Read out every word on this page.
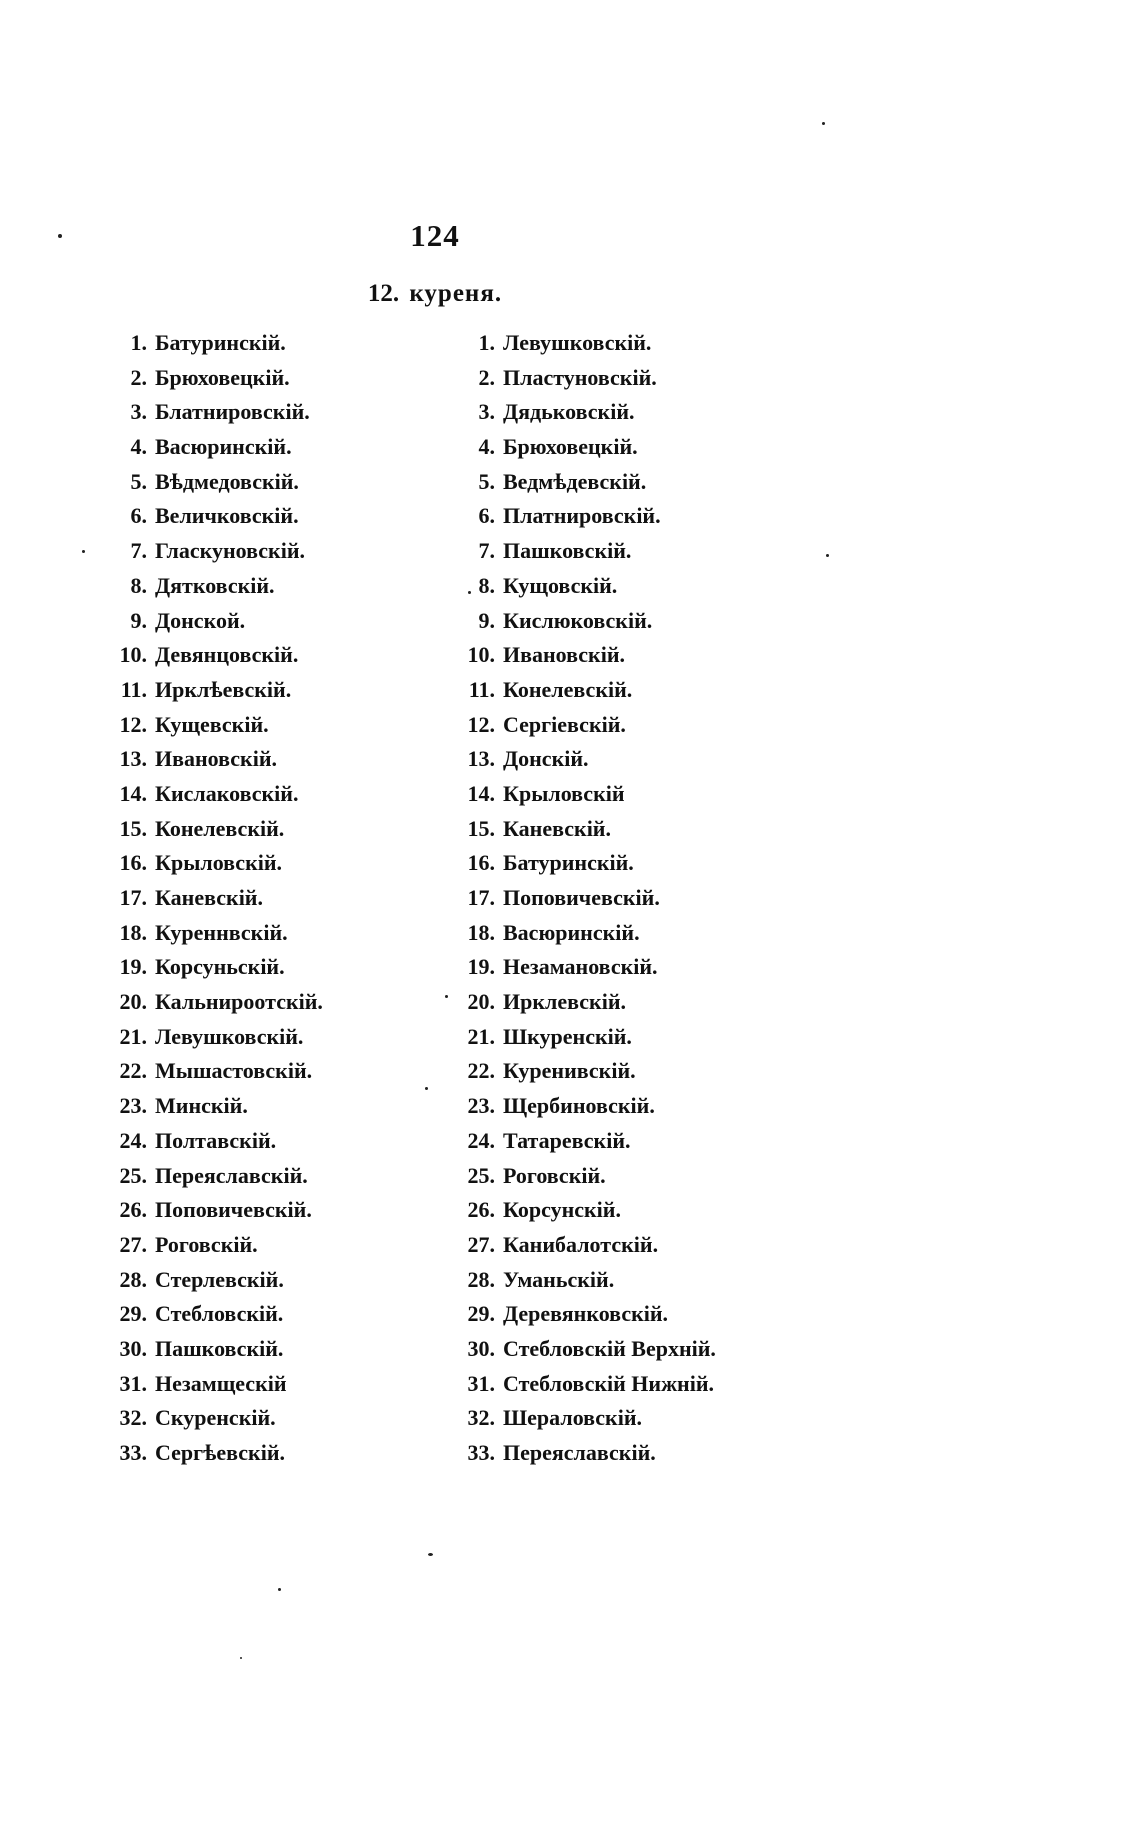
124
12. куреня.
1. Батуринскій.
2. Брюховецкій.
3. Блатнировскій.
4. Васюринскій.
5. Вѣдмедовскій.
6. Величковскій.
7. Гласкуновскій.
8. Дятковскій.
9. Донской.
10. Девянцовскій.
11. Ирклѣевскій.
12. Кущевскій.
13. Ивановскій.
14. Кислаковскій.
15. Конелевскій.
16. Крыловскій.
17. Каневскій.
18. Куреннвскій.
19. Корсуньскій.
20. Кальнироотскій.
21. Левушковскій.
22. Мышастовскій.
23. Минскій.
24. Полтавскій.
25. Переяславскій.
26. Поповичевскій.
27. Роговскій.
28. Стерлевскій.
29. Стебловскій.
30. Пашковскій.
31. Незамщескій
32. Скуренскій.
33. Сергѣевскій.
1. Левушковскій.
2. Пластуновскій.
3. Дядьковскій.
4. Брюховецкій.
5. Ведмѣдевскій.
6. Платнировскій.
7. Пашковскій.
8. Кущовскій.
9. Кислюковскій.
10. Ивановскій.
11. Конелевскій.
12. Сергіевскій.
13. Донскій.
14. Крыловскій
15. Каневскій.
16. Батуринскій.
17. Поповичевскій.
18. Васюринскій.
19. Незамановскій.
20. Ирклевскій.
21. Шкуренскій.
22. Куренивскій.
23. Щербиновскій.
24. Татаревскій.
25. Роговскій.
26. Корсунскій.
27. Канибалотскій.
28. Уманьскій.
29. Деревянковскій.
30. Стебловскій Верхній.
31. Стебловскій Нижній.
32. Шераловскій.
33. Переяславскій.
